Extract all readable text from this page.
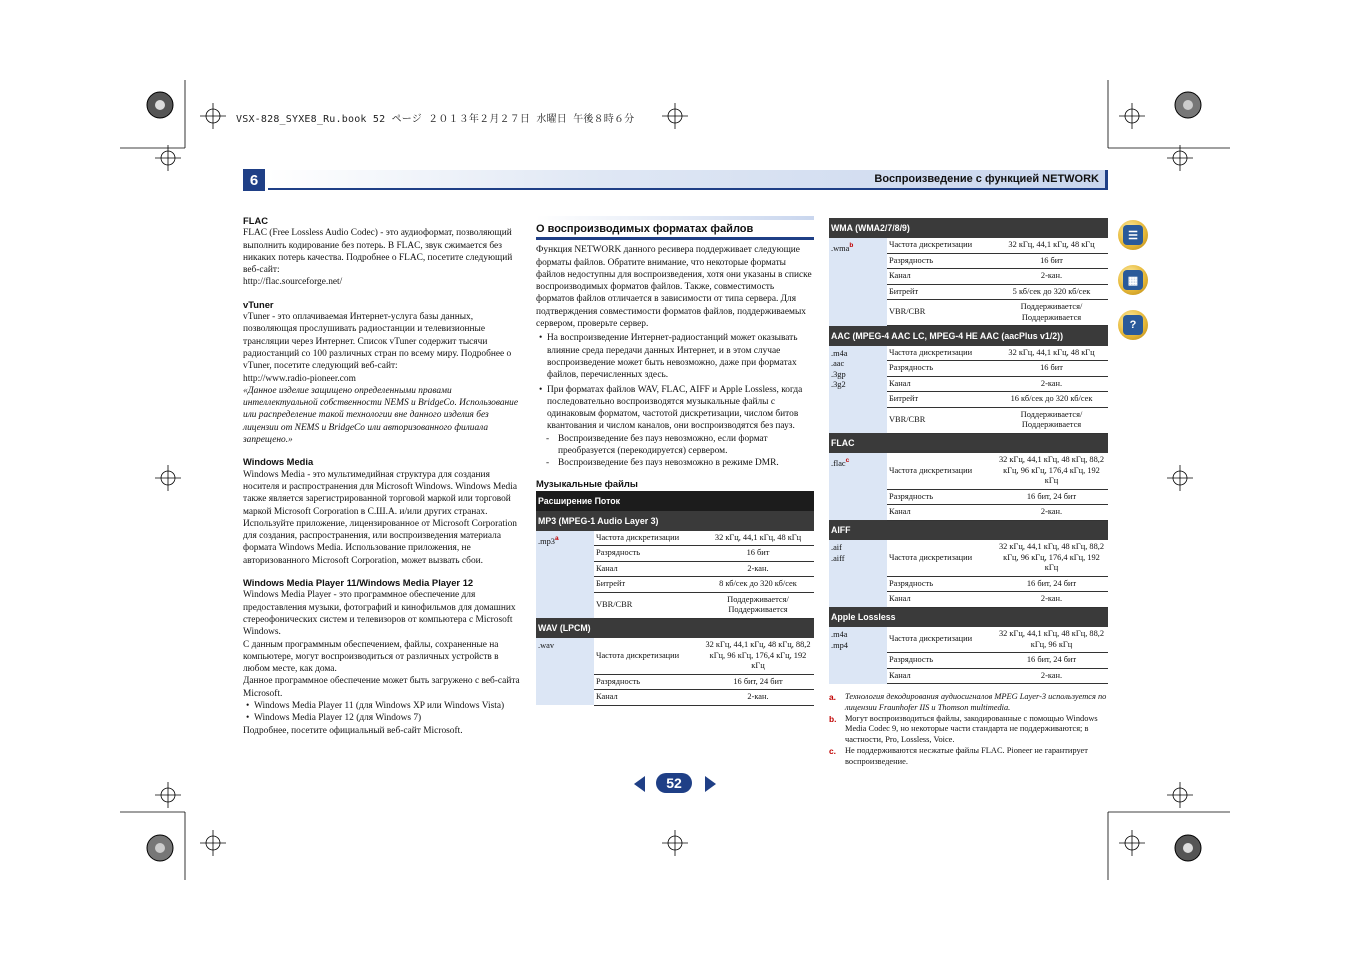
VSX-828_SYXE8_Ru.book 52 ページ ２０１３年２月２７日 水曜日 午後８時６分
6	Воспроизведение с функцией NETWORK
FLAC

FLAC (Free Lossless Audio Codec) - это аудиоформат, позволяющий выполнить кодирование без потерь. В FLAC, звук сжимается без никаких потерь качества. Подробнее о FLAC, посетите следующий веб-сайт:

http://flac.sourceforge.net/

vTuner

vTuner - это оплачиваемая Интернет-услуга базы данных, позволяющая прослушивать радиостанции и телевизионные трансляции через Интернет. Список vTuner содержит тысячи радиостанций со 100 различных стран по всему миру. Подробнее о vTuner, посетите следующий веб-сайт:

http://www.radio-pioneer.com

«Данное изделие защищено определенными правами интеллектуальной собственности NEMS и BridgeCo. Использование или распределение такой технологии вне данного изделия без лицензии от NEMS и BridgeCo или авторизованного филиала запрещено.»

Windows Media

Windows Media - это мультимедийная структура для создания носителя и распространения для Microsoft Windows. Windows Media также является зарегистрированной торговой маркой или торговой маркой Microsoft Corporation в С.Ш.А. и/или других странах. Используйте приложение, лицензированное от Microsoft Corporation для создания, распространения, или воспроизведения материала формата Windows Media. Использование приложения, не авторизованного Microsoft Corporation, может вызвать сбои.

Windows Media Player 11/Windows Media Player 12

Windows Media Player - это программное обеспечение для предоставления музыки, фотографий и кинофильмов для домашних стереофонических систем и телевизоров от компьютера с Microsoft Windows.

С данным программным обеспечением, файлы, сохраненные на компьютере, могут воспроизводиться от различных устройств в любом месте, как дома.

Данное программное обеспечение может быть загружено с веб-сайта Microsoft.

• Windows Media Player 11 (для Windows XP или Windows Vista)
• Windows Media Player 12 (для Windows 7)

Подробнее, посетите официальный веб-сайт Microsoft.

О воспроизводимых форматах файлов

Функция NETWORK данного ресивера поддерживает следующие форматы файлов. Обратите внимание, что некоторые форматы файлов недоступны для воспроизведения, хотя они указаны в списке воспроизводимых форматов файлов. Также, совместимость форматов файлов отличается в зависимости от типа сервера. Для подтверждения совместимости форматов файлов, поддерживаемых сервером, проверьте сервер.

• На воспроизведение Интернет-радиостанций может оказывать влияние среда передачи данных Интернет, и в этом случае воспроизведение может быть невозможно, даже при форматах файлов, перечисленных здесь.
• При форматах файлов WAV, FLAC, AIFF и Apple Lossless, когда последовательно воспроизводятся музыкальные файлы с одинаковым форматом, частотой дискретизации, числом битов квантования и числом каналов, они воспроизводятся без пауз.
- Воспроизведение без пауз невозможно, если формат преобразуется (перекодируется) сервером.
- Воспроизведение без пауз невозможно в режиме DMR.
Музыкальные файлы
Расширение Поток		
MP3 (MPEG-1 Audio Layer 3)		

.mp3$^a$	Частота дискретизации	32 кГц, 44,1 кГц, 48 кГц
	Разрядность	16 бит
	Канал	2-кан.
	Битрейт	8 кб/сек до 320 кб/сек
	VBR/CBR	Поддерживается/ Поддерживается
WAV (LPCM)		

.wav	Частота дискретизации	32 кГц, 44,1 кГц, 48 кГц, 88,2 кГц, 96 кГц, 176,4 кГц, 192 кГц
	Разрядность	16 бит, 24 бит
	Канал	2-кан.
WMA (WMA2/7/8/9)		

.wma$^b$	Частота дискретизации	32 кГц, 44,1 кГц, 48 кГц
	Разрядность	16 бит
	Канал	2-кан.
	Битрейт	5 кб/сек до 320 кб/сек
	VBR/CBR	Поддерживается/ Поддерживается
AAC (MPEG-4 AAC LC, MPEG-4 HE AAC (aacPlus v1/2))		

.m4a
.aac
.3gp
.3g2	Частота дискретизации	32 кГц, 44,1 кГц, 48 кГц
	Разрядность	16 бит
	Канал	2-кан.
	Битрейт	16 кб/сек до 320 кб/сек
	VBR/CBR	Поддерживается/ Поддерживается
FLAC		

.flac$^c$	Частота дискретизации	32 кГц, 44,1 кГц, 48 кГц, 88,2 кГц, 96 кГц, 176,4 кГц, 192 кГц
	Разрядность	16 бит, 24 бит
	Канал	2-кан.
AIFF		

.aif
.aiff	Частота дискретизации	32 кГц, 44,1 кГц, 48 кГц, 88,2 кГц, 96 кГц, 176,4 кГц, 192 кГц
	Разрядность	16 бит, 24 бит
	Канал	2-кан.
Apple Lossless		

.m4a
.mp4	Частота дискретизации	32 кГц, 44,1 кГц, 48 кГц, 88,2 кГц, 96 кГц
	Разрядность	16 бит, 24 бит
	Канал	2-кан.
a. Технология декодирования аудиосигналов MPEG Layer-3 используется по лицензии Fraunhofer IIS и Thomson multimedia.
b. Могут воспроизводиться файлы, закодированные с помощью Windows Media Codec 9, но некоторые части стандарта не поддерживаются; в частности, Pro, Lossless, Voice.
c. Не поддерживаются несжатые файлы FLAC. Pioneer не гарантирует воспроизведение.
☰
▦
?
52
